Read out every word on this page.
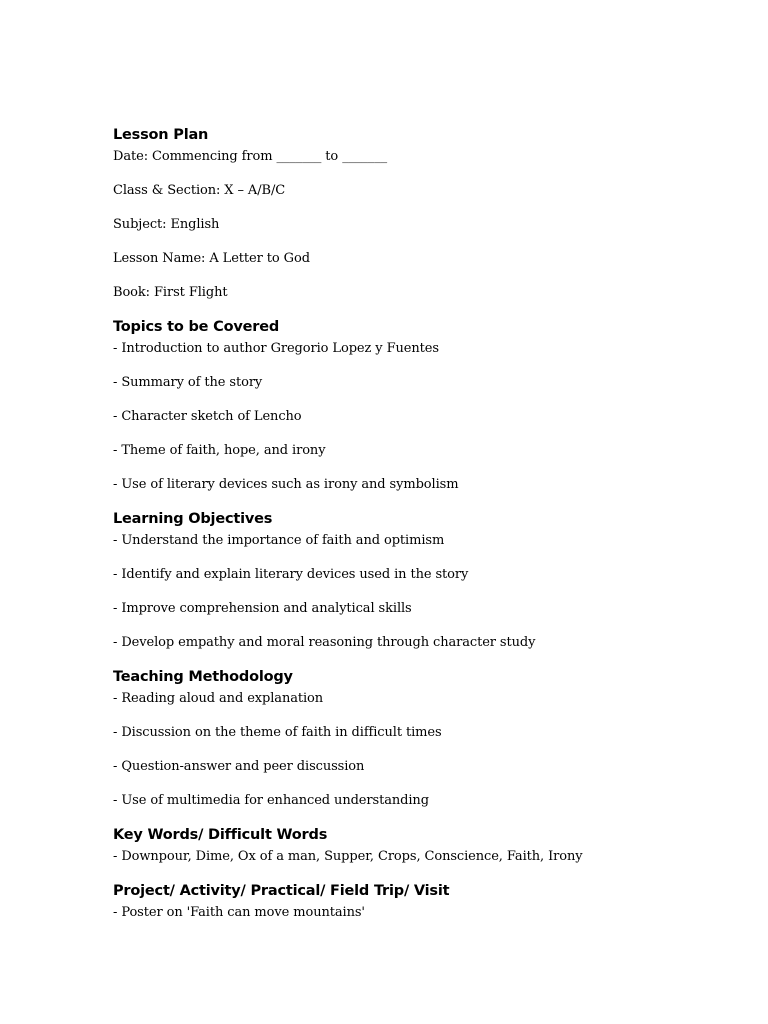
Lesson Plan

Date: Commencing from _______ to _______

Class & Section: X – A/B/C

Subject: English

Lesson Name: A Letter to God

Book: First Flight

Topics to be Covered

- Introduction to author Gregorio Lopez y Fuentes

- Summary of the story

- Character sketch of Lencho

- Theme of faith, hope, and irony

- Use of literary devices such as irony and symbolism

Learning Objectives

- Understand the importance of faith and optimism

- Identify and explain literary devices used in the story

- Improve comprehension and analytical skills

- Develop empathy and moral reasoning through character study

Teaching Methodology

- Reading aloud and explanation

- Discussion on the theme of faith in difficult times

- Question-answer and peer discussion

- Use of multimedia for enhanced understanding

Key Words/ Difficult Words

- Downpour, Dime, Ox of a man, Supper, Crops, Conscience, Faith, Irony

Project/ Activity/ Practical/ Field Trip/ Visit

- Poster on 'Faith can move mountains'
